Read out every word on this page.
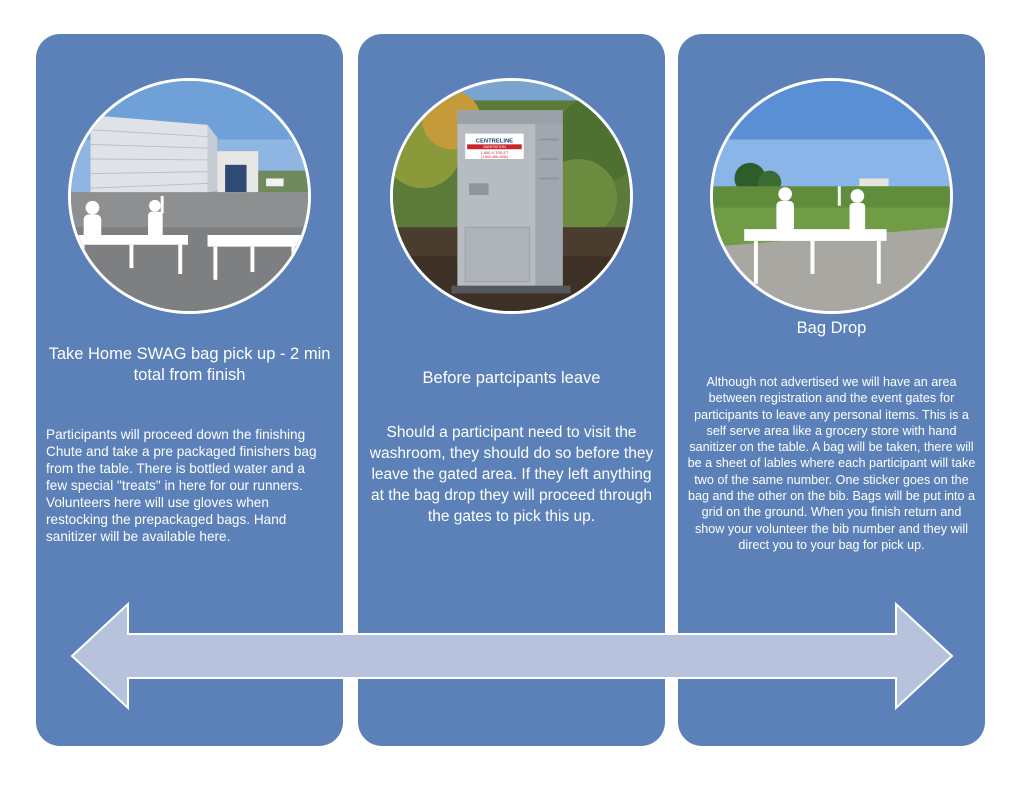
Take Home SWAG bag pick up - 2 min total from finish
Participants will proceed down the finishing Chute and take a pre packaged finishers bag from the table. There is bottled water and a few special "treats" in here for our runners. Volunteers here will use gloves when restocking the prepackaged bags. Hand sanitizer will be available here.
CENTRELINE
SANITATION
1-800-4-TOILET
(1-800-486-4538)
Before partcipants leave
Should a participant need to visit the washroom, they should do so before they leave the gated area. If they left anything at the bag drop they will proceed through the gates to pick this up.
Bag Drop
Although not advertised we will have an area between registration and the event gates for participants to leave any personal items. This is a self serve area like a grocery store with hand sanitizer on the table. A bag will be taken, there will be a sheet of lables where each participant will take two of the same number. One sticker goes on the bag and the other on the bib. Bags will be put into a grid on the ground. When you finish return and show your volunteer the bib number and they will direct you to your bag for pick up.
